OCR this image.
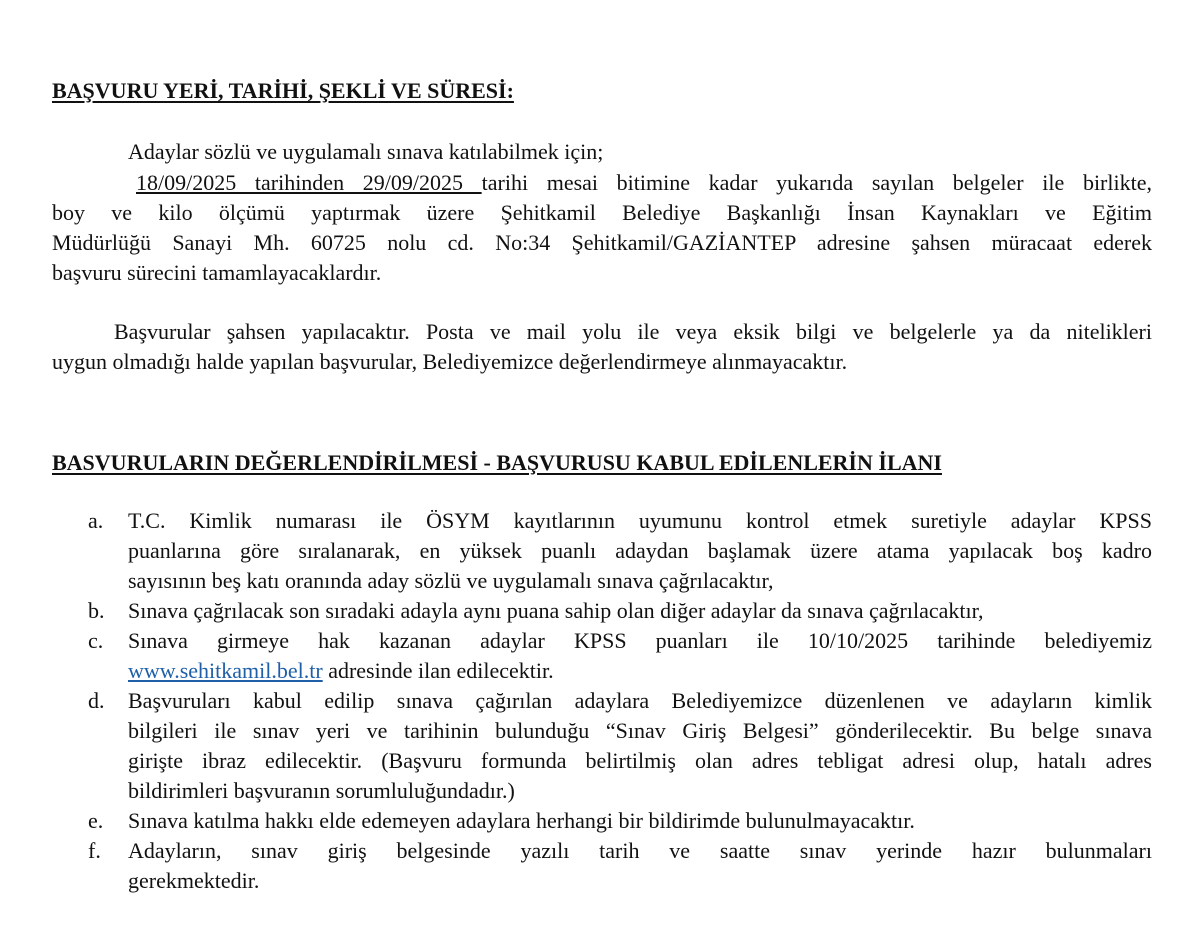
BAŞVURU YERİ, TARİHİ, ŞEKLİ VE SÜRESİ:
Adaylar sözlü ve uygulamalı sınava katılabilmek için;
18/09/2025 tarihinden 29/09/2025 tarihi mesai bitimine kadar yukarıda sayılan belgeler ile birlikte,
boy ve kilo ölçümü yaptırmak üzere Şehitkamil Belediye Başkanlığı İnsan Kaynakları ve Eğitim
Müdürlüğü Sanayi Mh. 60725 nolu cd. No:34 Şehitkamil/GAZİANTEP adresine şahsen müracaat ederek
başvuru sürecini tamamlayacaklardır.
Başvurular şahsen yapılacaktır. Posta ve mail yolu ile veya eksik bilgi ve belgelerle ya da nitelikleri
uygun olmadığı halde yapılan başvurular, Belediyemizce değerlendirmeye alınmayacaktır.
BASVURULARIN DEĞERLENDİRİLMESİ - BAŞVURUSU KABUL EDİLENLERİN İLANI
a.	T.C. Kimlik numarası ile ÖSYM kayıtlarının uyumunu kontrol etmek suretiyle adaylar KPSS
puanlarına göre sıralanarak, en yüksek puanlı adaydan başlamak üzere atama yapılacak boş kadro
sayısının beş katı oranında aday sözlü ve uygulamalı sınava çağrılacaktır,
b.	Sınava çağrılacak son sıradaki adayla aynı puana sahip olan diğer adaylar da sınava çağrılacaktır,
c.	Sınava girmeye hak kazanan adaylar KPSS puanları ile 10/10/2025 tarihinde belediyemiz
www.sehitkamil.bel.tr adresinde ilan edilecektir.
d.	Başvuruları kabul edilip sınava çağırılan adaylara Belediyemizce düzenlenen ve adayların kimlik
bilgileri ile sınav yeri ve tarihinin bulunduğu “Sınav Giriş Belgesi” gönderilecektir. Bu belge sınava
girişte ibraz edilecektir. (Başvuru formunda belirtilmiş olan adres tebligat adresi olup, hatalı adres
bildirimleri başvuranın sorumluluğundadır.)
e.	Sınava katılma hakkı elde edemeyen adaylara herhangi bir bildirimde bulunulmayacaktır.
f.	Adayların, sınav giriş belgesinde yazılı tarih ve saatte sınav yerinde hazır bulunmaları
gerekmektedir.
